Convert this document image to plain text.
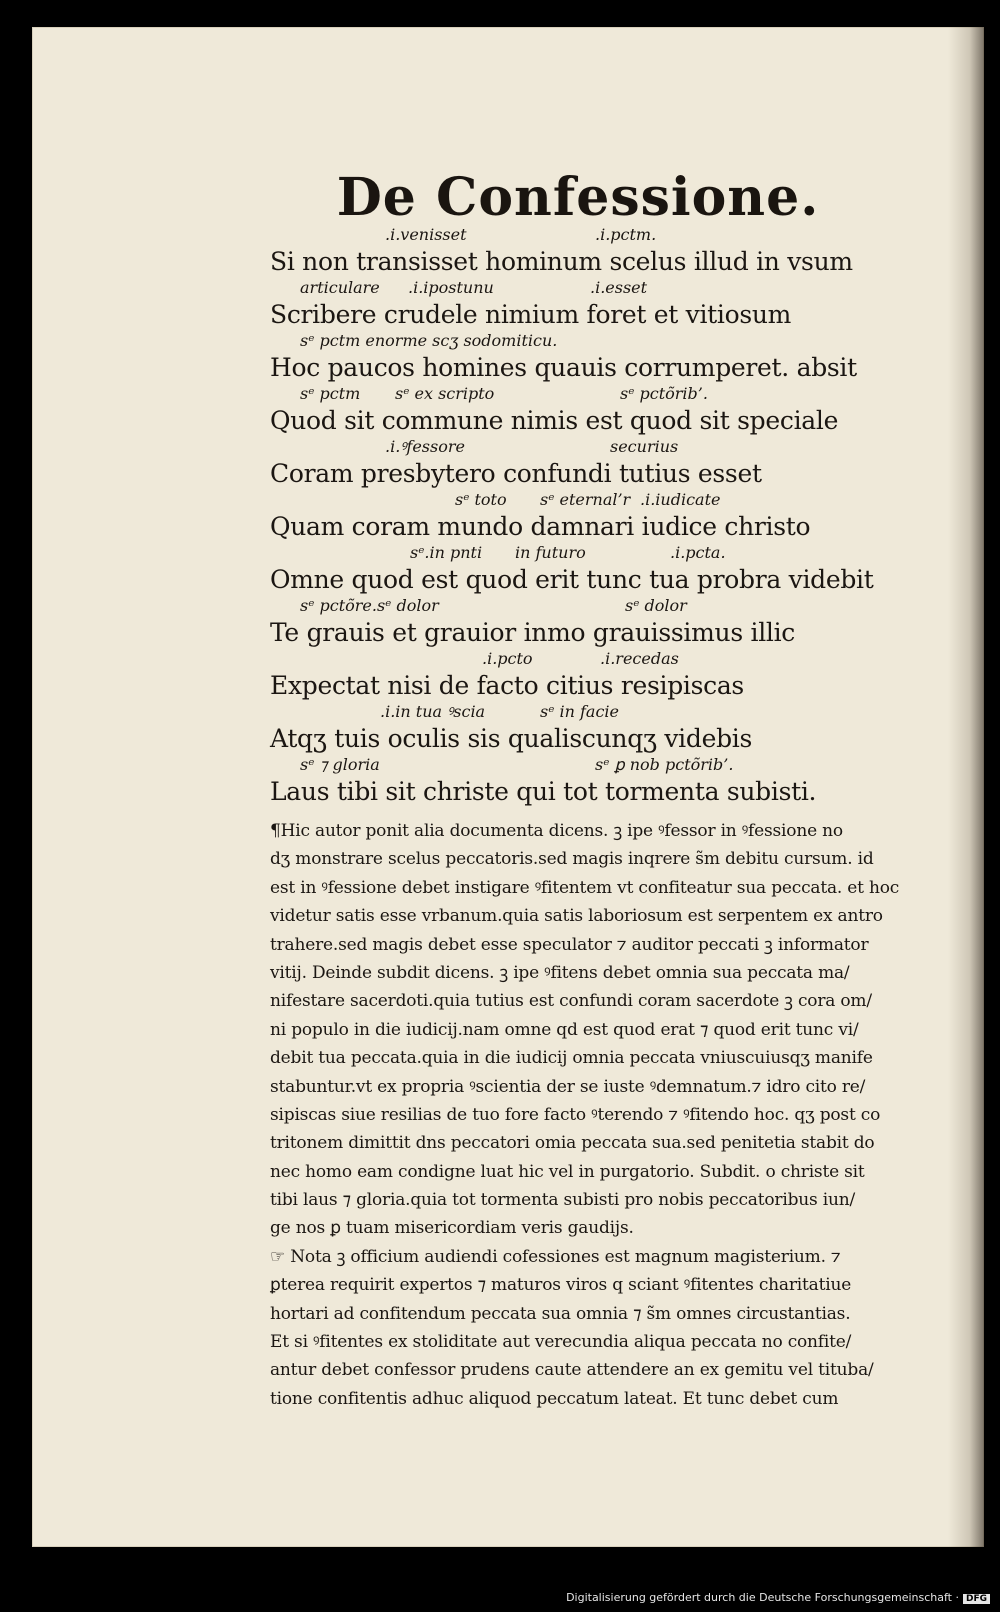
De Confessione.
.i.venisset	.i.pctm.
Si non transisset hominum scelus illud in vsum
articulare .i.ipostunu	.i.esset
Scribere crudele nimium foret et vitiosum
sᵉ pctm enorme scʒ sodomiticu.
Hoc paucos homines quauis corrumperet. absit
sᵉ pctm sᵉ ex scripto	sᵉ pctõrib’.
Quod sit commune nimis est quod sit speciale
.i.ꝰfessore	securius
Coram presbytero confundi tutius esset
sᵉ toto sᵉ eternal’r .i.iudicate
Quam coram mundo damnari iudice christo
sᵉ.in pnti in futuro	.i.pcta.
Omne quod est quod erit tunc tua probra videbit
sᵉ pctõre.sᵉ dolor	sᵉ dolor
Te grauis et grauior inmo grauissimus illic
.i.pcto	.i.recedas
Expectat nisi de facto citius resipiscas
.i.in tua ꝰscia	sᵉ in facie
Atqʒ tuis oculis sis qualiscunqʒ videbis
sᵉ ⁊ gloria	sᵉ ꝑ nob pctõrib’.
Laus tibi sit christe qui tot tormenta subisti.
¶Hic autor ponit alia documenta dicens. ꝫ ipe ꝰfessor in ꝰfessione no
dʒ monstrare scelus peccatoris.sed magis inqrere s̃m debitu cursum. id
est in ꝰfessione debet instigare ꝰfitentem vt confiteatur sua peccata. et hoc
videtur satis esse vrbanum.quia satis laboriosum est serpentem ex antro
trahere.sed magis debet esse speculator ⁊ auditor peccati ꝫ informator
vitij. Deinde subdit dicens. ꝫ ipe ꝰfitens debet omnia sua peccata ma/
nifestare sacerdoti.quia tutius est confundi coram sacerdote ꝫ cora om/
ni populo in die iudicij.nam omne qd est quod erat ⁊ quod erit tunc vi/
debit tua peccata.quia in die iudicij omnia peccata vniuscuiusqʒ manife
stabuntur.vt ex propria ꝰscientia der se iuste ꝰdemnatum.⁊ idro cito re/
sipiscas siue resilias de tuo fore facto ꝰterendo ⁊ ꝰfitendo hoc. qʒ post co
tritonem dimittit dns peccatori omia peccata sua.sed penitetia stabit do
nec homo eam condigne luat hic vel in purgatorio. Subdit. o christe sit
tibi laus ⁊ gloria.quia tot tormenta subisti pro nobis peccatoribus iun/
ge nos ꝑ tuam misericordiam veris gaudijs.
☞ Nota ꝫ officium audiendi cofessiones est magnum magisterium. ⁊
ꝑterea requirit expertos ⁊ maturos viros q sciant ꝰfitentes charitatiue
hortari ad confitendum peccata sua omnia ⁊ s̃m omnes circustantias.
Et si ꝰfitentes ex stoliditate aut verecundia aliqua peccata no confite/
antur debet confessor prudens caute attendere an ex gemitu vel tituba/
tione confitentis adhuc aliquod peccatum lateat. Et tunc debet cum
Digitalisierung gefördert durch die Deutsche Forschungsgemeinschaft · DFG
